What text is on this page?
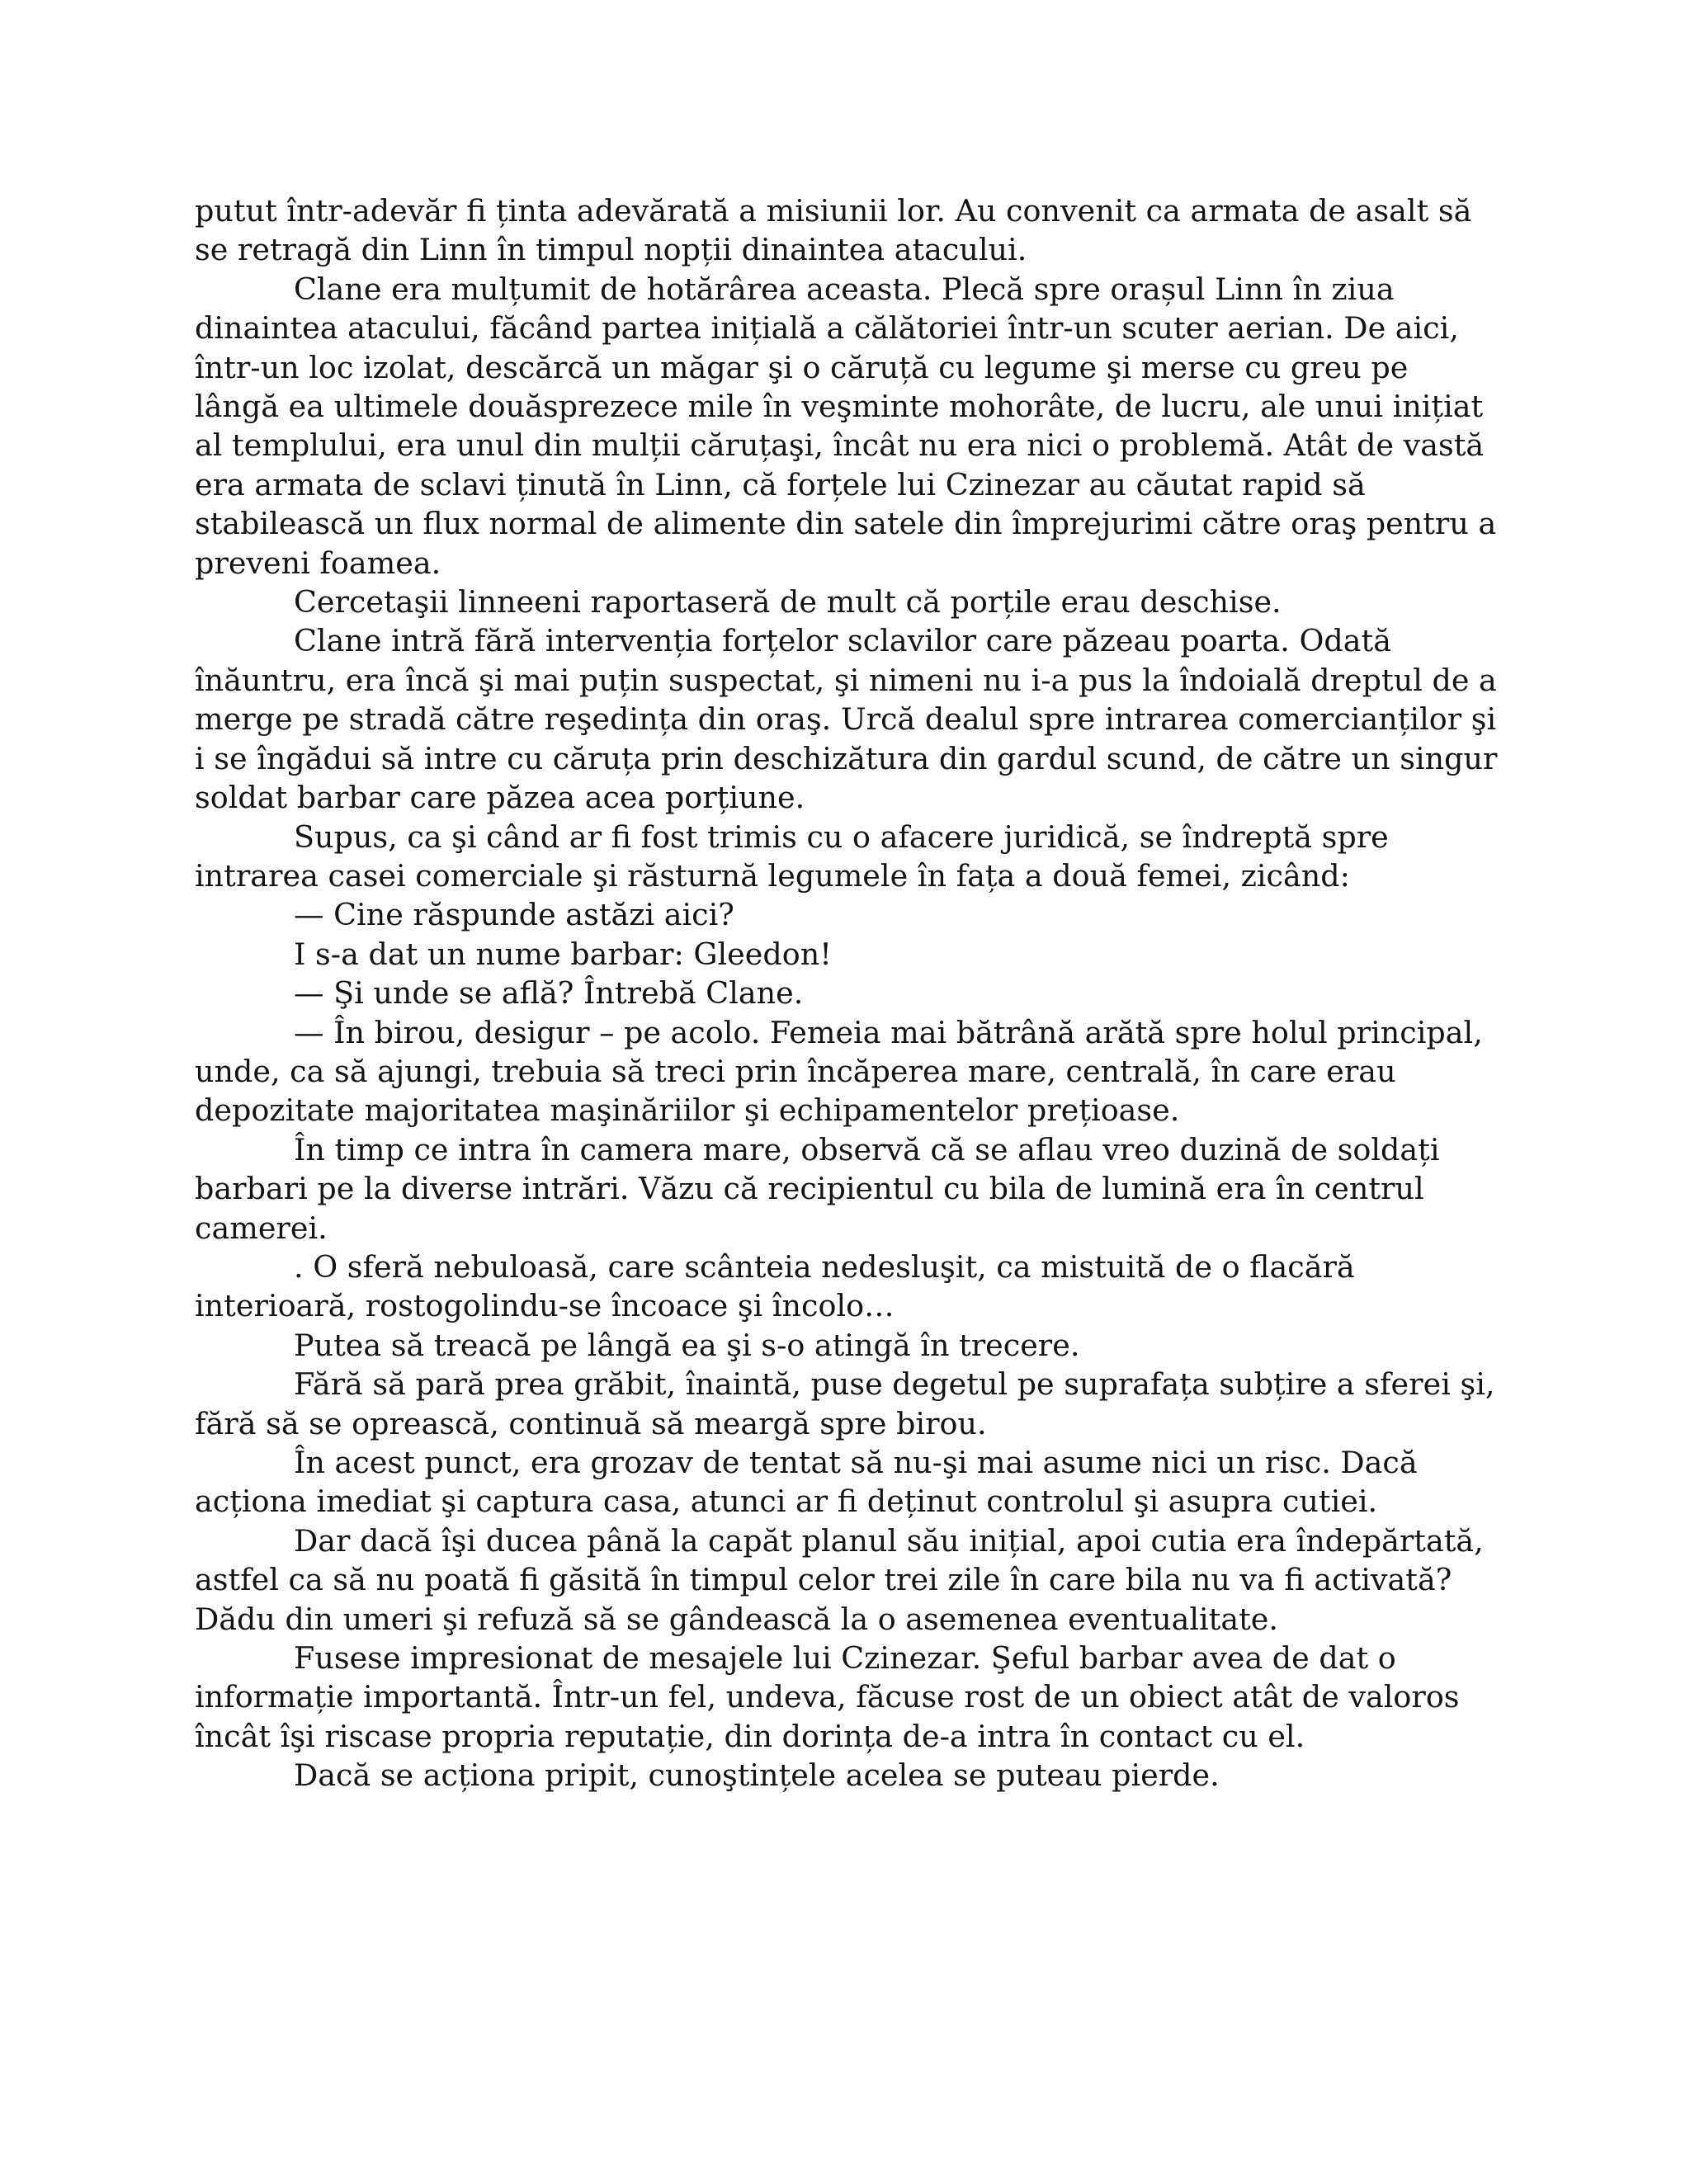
putut într-adevăr fi ținta adevărată a misiunii lor. Au convenit ca armata de asalt să se retragă din Linn în timpul nopții dinaintea atacului.

Clane era mulțumit de hotărârea aceasta. Plecă spre orașul Linn în ziua dinaintea atacului, făcând partea inițială a călătoriei într-un scuter aerian. De aici, într-un loc izolat, descărcă un măgar şi o căruță cu legume şi merse cu greu pe lângă ea ultimele douăsprezece mile în veşminte mohorâte, de lucru, ale unui inițiat al templului, era unul din mulții căruțaşi, încât nu era nici o problemă. Atât de vastă era armata de sclavi ținută în Linn, că forțele lui Czinezar au căutat rapid să stabilească un flux normal de alimente din satele din împrejurimi către oraş pentru a preveni foamea.

Cercetaşii linneeni raportaseră de mult că porțile erau deschise.

Clane intră fără intervenția forțelor sclavilor care păzeau poarta. Odată înăuntru, era încă şi mai puțin suspectat, şi nimeni nu i-a pus la îndoială dreptul de a merge pe stradă către reşedința din oraş. Urcă dealul spre intrarea comercianților şi i se îngădui să intre cu căruța prin deschizătura din gardul scund, de către un singur soldat barbar care păzea acea porțiune.

Supus, ca şi când ar fi fost trimis cu o afacere juridică, se îndreptă spre intrarea casei comerciale şi răsturnă legumele în fața a două femei, zicând:

— Cine răspunde astăzi aici?

I s-a dat un nume barbar: Gleedon!

— Şi unde se află? Întrebă Clane.

— În birou, desigur – pe acolo. Femeia mai bătrână arătă spre holul principal, unde, ca să ajungi, trebuia să treci prin încăperea mare, centrală, în care erau depozitate majoritatea maşinăriilor şi echipamentelor prețioase.

În timp ce intra în camera mare, observă că se aflau vreo duzină de soldați barbari pe la diverse intrări. Văzu că recipientul cu bila de lumină era în centrul camerei.

. O sferă nebuloasă, care scânteia nedesluşit, ca mistuită de o flacără interioară, rostogolindu-se încoace şi încolo…

Putea să treacă pe lângă ea şi s-o atingă în trecere.

Fără să pară prea grăbit, înaintă, puse degetul pe suprafața subțire a sferei şi, fără să se oprească, continuă să meargă spre birou.

În acest punct, era grozav de tentat să nu-şi mai asume nici un risc. Dacă acționa imediat şi captura casa, atunci ar fi deținut controlul şi asupra cutiei.

Dar dacă îşi ducea până la capăt planul său inițial, apoi cutia era îndepărtată, astfel ca să nu poată fi găsită în timpul celor trei zile în care bila nu va fi activată? Dădu din umeri şi refuză să se gândească la o asemenea eventualitate.

Fusese impresionat de mesajele lui Czinezar. Şeful barbar avea de dat o informație importantă. Într-un fel, undeva, făcuse rost de un obiect atât de valoros încât îşi riscase propria reputație, din dorința de-a intra în contact cu el.

Dacă se acționa pripit, cunoştințele acelea se puteau pierde.
